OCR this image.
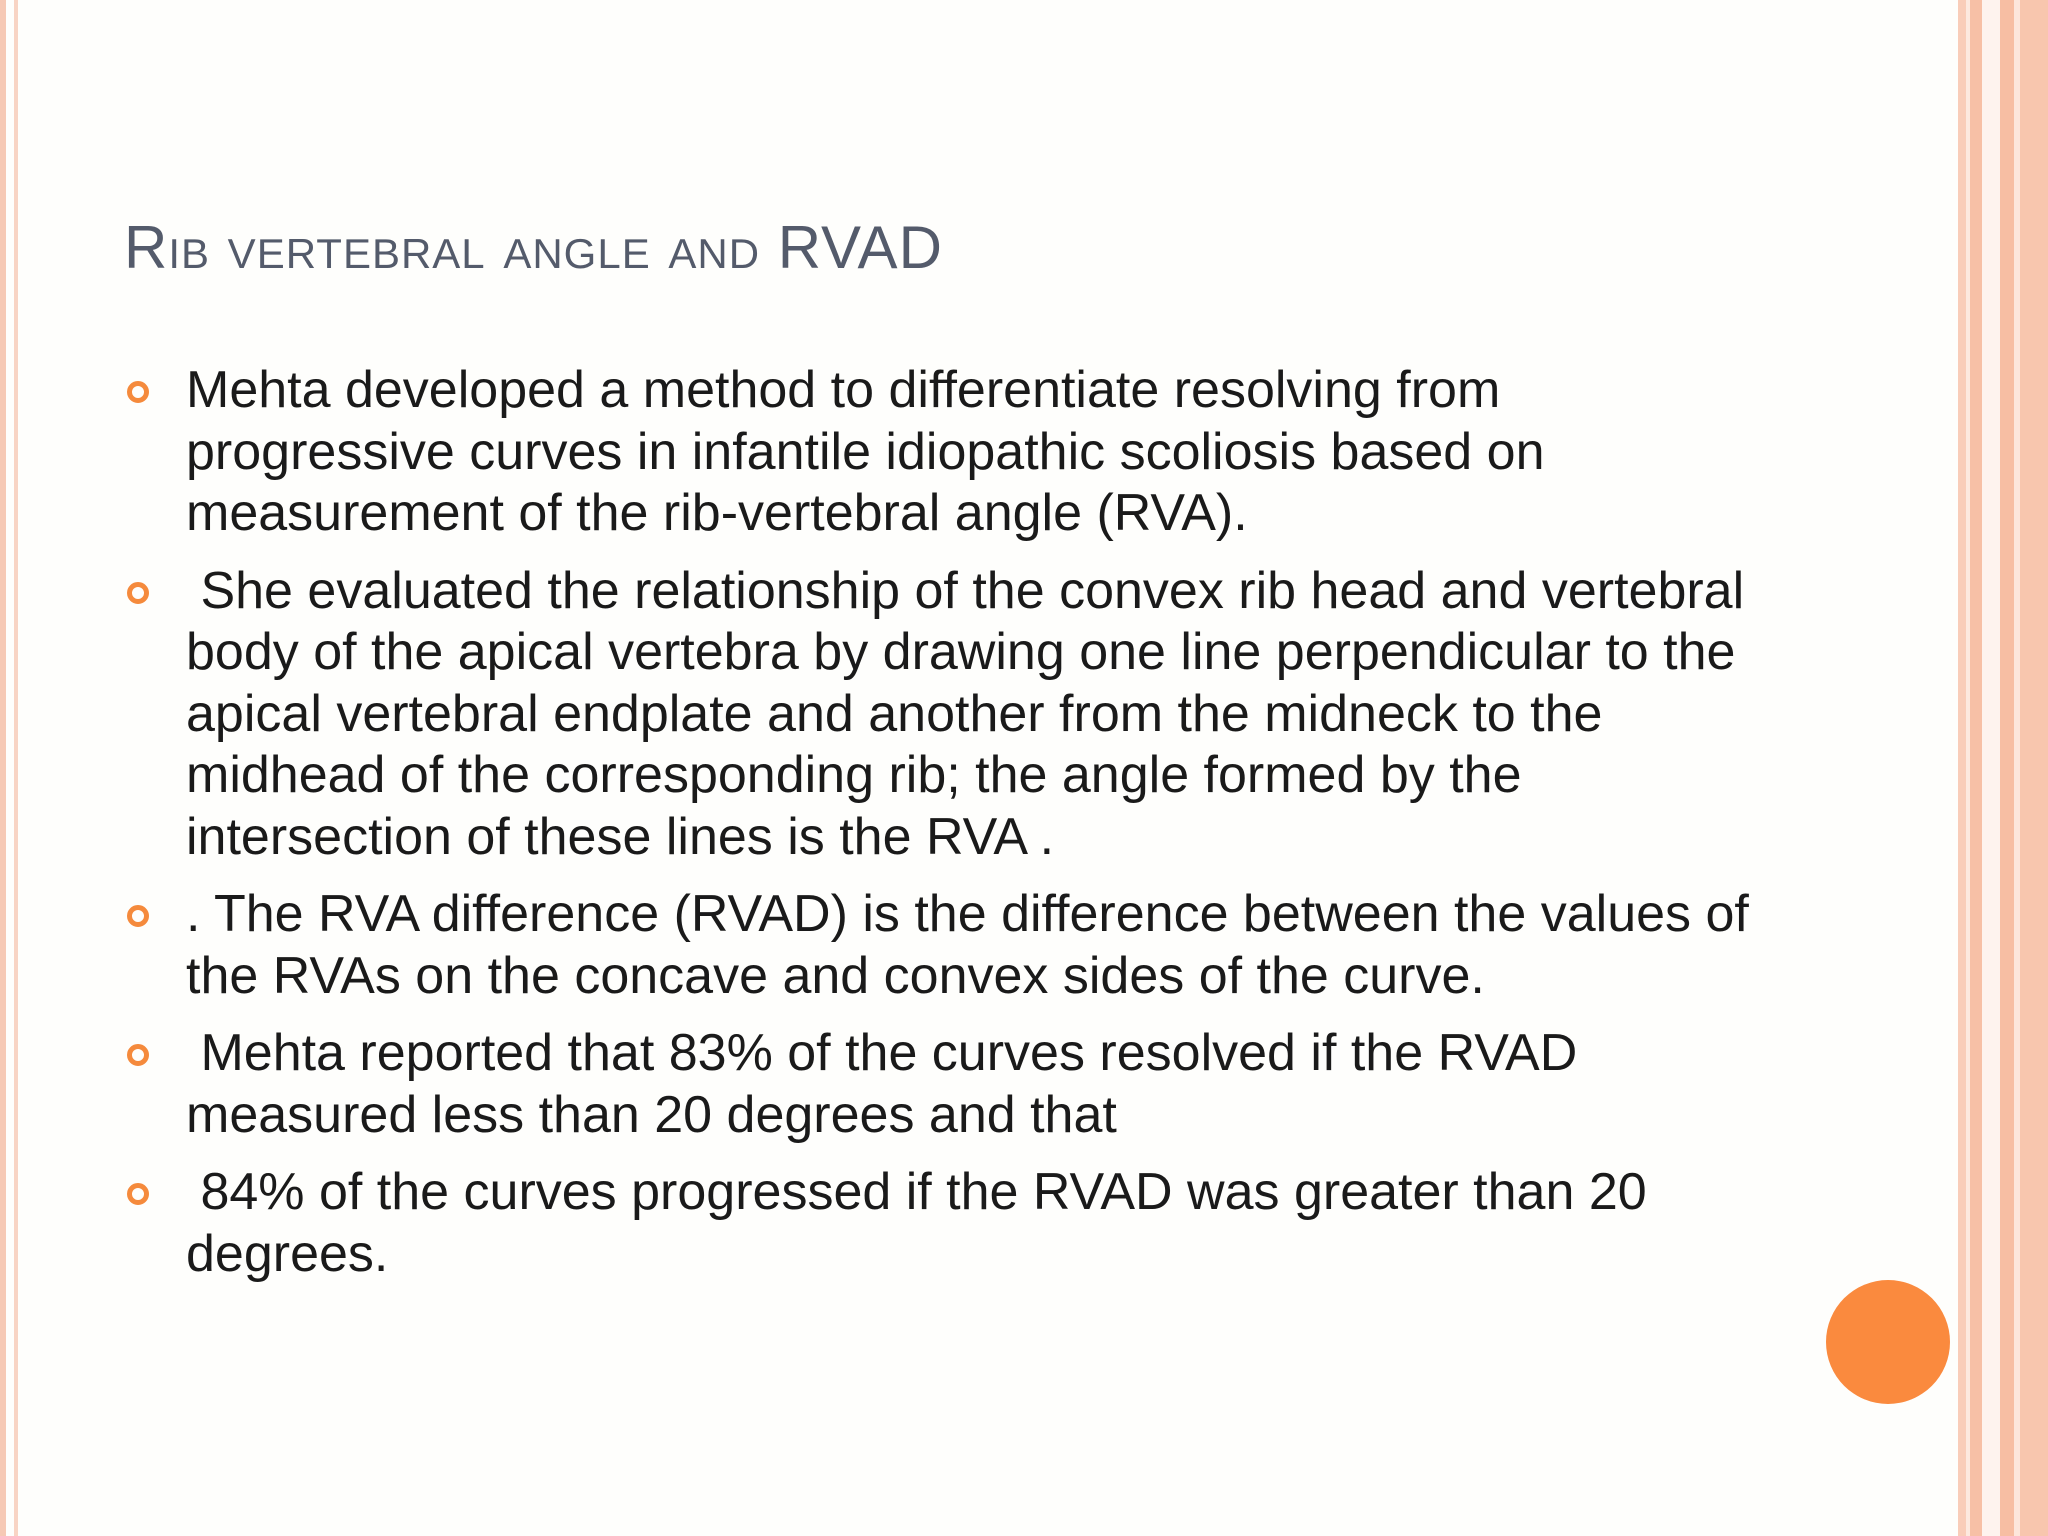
Rib vertebral angle and RVAD
Mehta developed a method to differentiate resolving from progressive curves in infantile idiopathic scoliosis based on measurement of the rib-vertebral angle (RVA).
She evaluated the relationship of the convex rib head and vertebral body of the apical vertebra by drawing one line perpendicular to the apical vertebral endplate and another from the midneck to the midhead of the corresponding rib; the angle formed by the intersection of these lines is the RVA .
. The RVA difference (RVAD) is the difference between the values of the RVAs on the concave and convex sides of the curve.
Mehta reported that 83% of the curves resolved if the RVAD measured less than 20 degrees and that
84% of the curves progressed if the RVAD was greater than 20 degrees.
